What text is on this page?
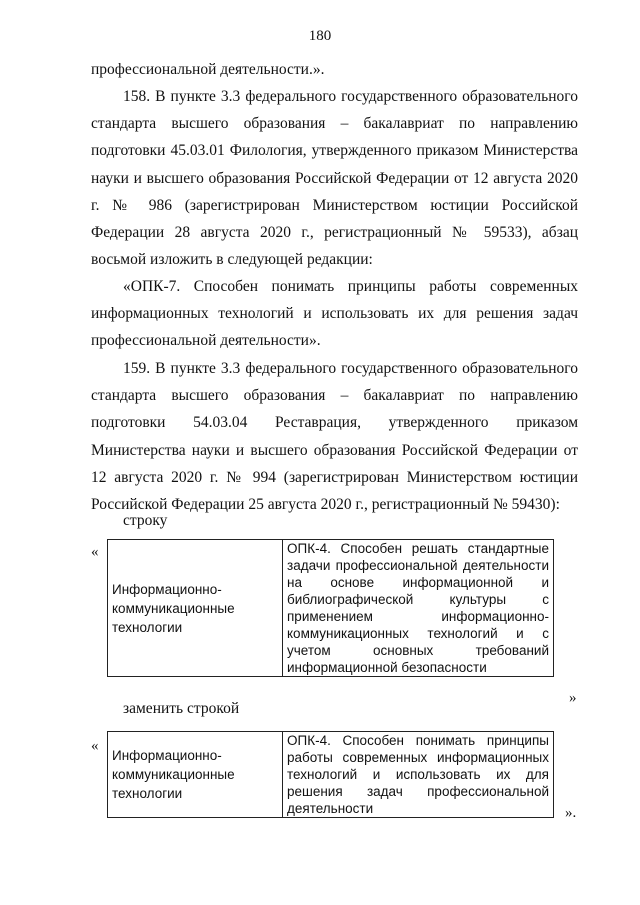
180

профессиональной деятельности.».

158. В пункте 3.3 федерального государственного образовательного стандарта высшего образования – бакалавриат по направлению подготовки 45.03.01 Филология, утвержденного приказом Министерства науки и высшего образования Российской Федерации от 12 августа 2020 г. № 986 (зарегистрирован Министерством юстиции Российской Федерации 28 августа 2020 г., регистрационный № 59533), абзац восьмой изложить в следующей редакции:

«ОПК-7. Способен понимать принципы работы современных информационных технологий и использовать их для решения задач профессиональной деятельности».

159. В пункте 3.3 федерального государственного образовательного стандарта высшего образования – бакалавриат по направлению подготовки 54.03.04 Реставрация, утвержденного приказом Министерства науки и высшего образования Российской Федерации от 12 августа 2020 г. № 994 (зарегистрирован Министерством юстиции Российской Федерации 25 августа 2020 г., регистрационный № 59430):

строку
«
Информационно-коммуникационные технологии	ОПК-4. Способен решать стандартные задачи профессиональной деятельности на основе информационной и библиографической культуры с применением информационно-коммуникационных технологий и с учетом основных требований информационной безопасности
»
заменить строкой
«
Информационно-коммуникационные технологии	ОПК-4. Способен понимать принципы работы современных информационных технологий и использовать их для решения задач профессиональной деятельности	».
